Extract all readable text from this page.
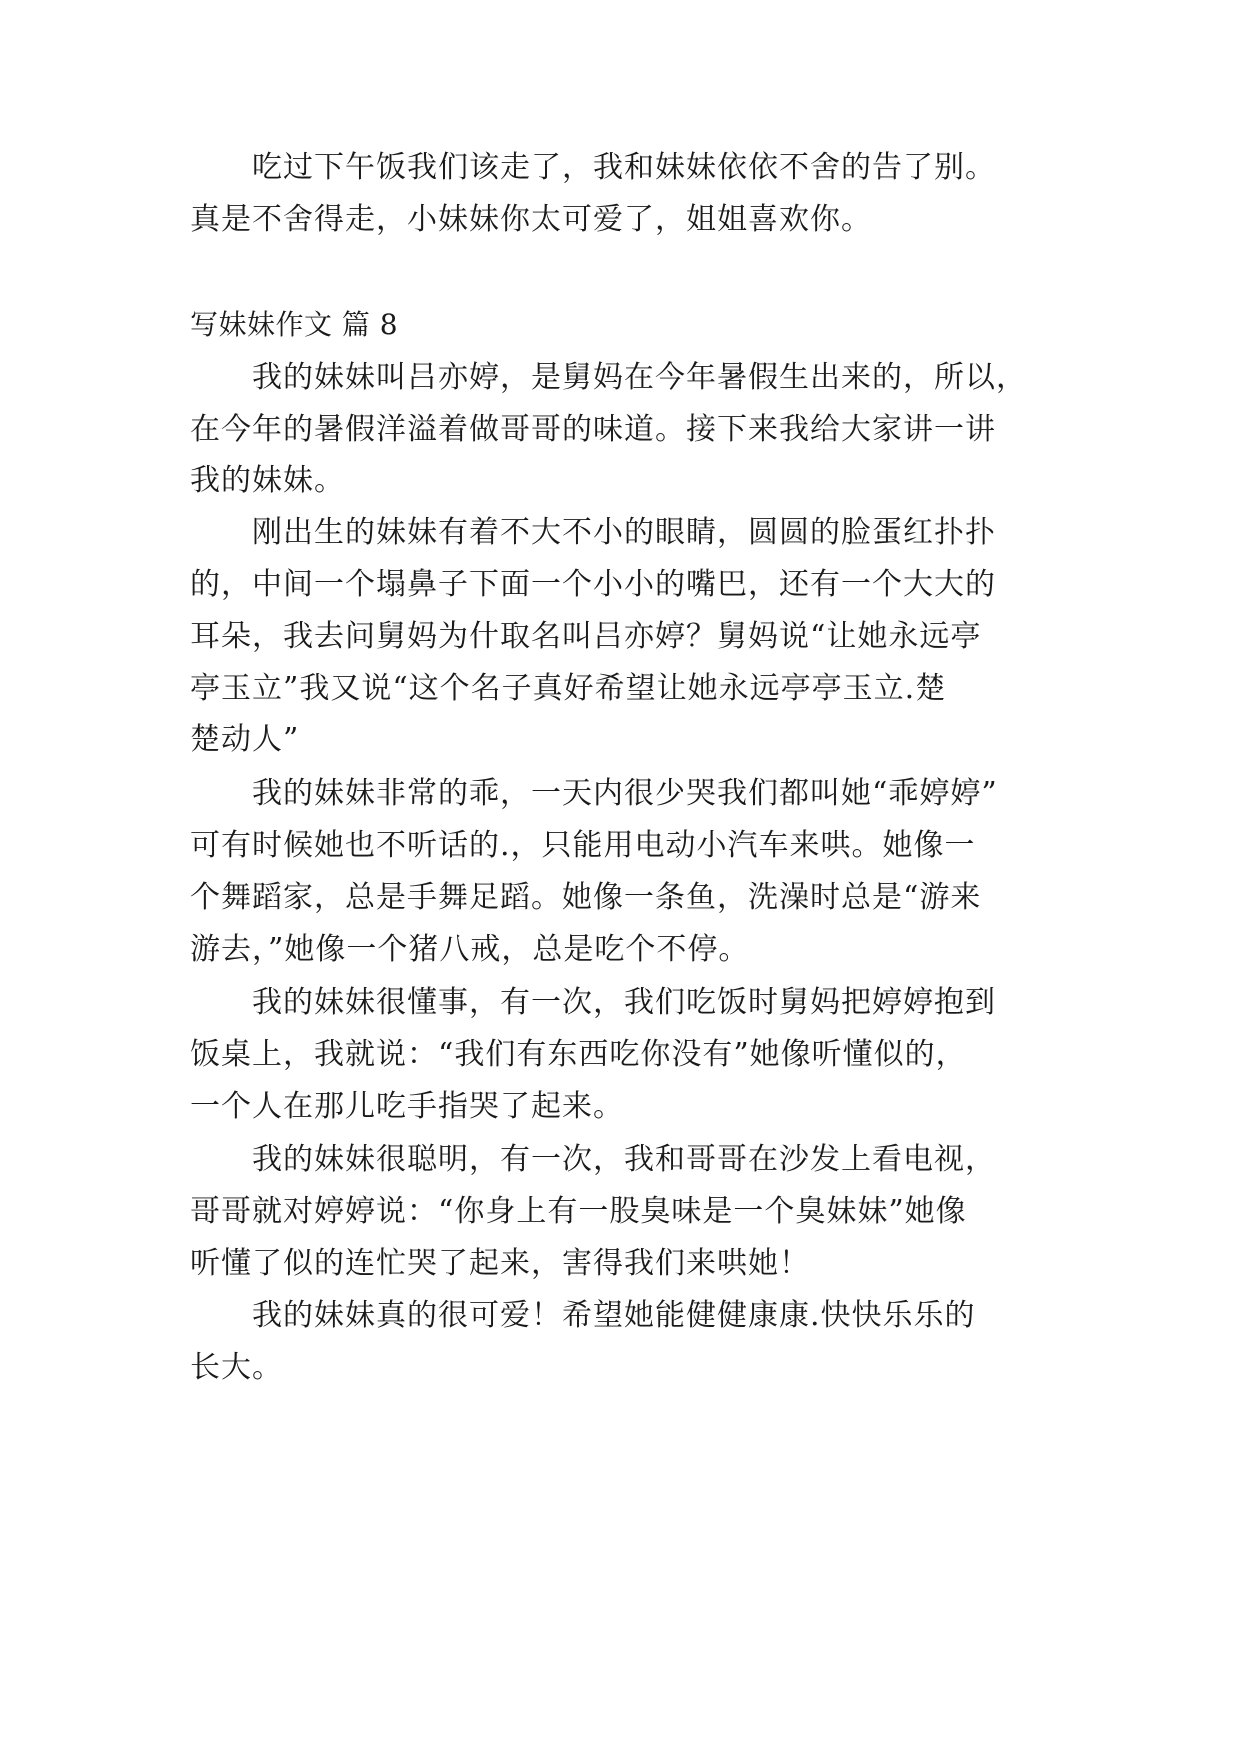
吃过下午饭我们该走了，我和妹妹依依不舍的告了别。
真是不舍得走，小妹妹你太可爱了，姐姐喜欢你。
写妹妹作文 篇 8
我的妹妹叫吕亦婷，是舅妈在今年暑假生出来的，所以，
在今年的暑假洋溢着做哥哥的味道。接下来我给大家讲一讲
我的妹妹。
刚出生的妹妹有着不大不小的眼睛，圆圆的脸蛋红扑扑
的，中间一个塌鼻子下面一个小小的嘴巴，还有一个大大的
耳朵，我去问舅妈为什取名叫吕亦婷？舅妈说“让她永远亭
亭玉立”我又说“这个名子真好希望让她永远亭亭玉立.楚
楚动人”
我的妹妹非常的乖，一天内很少哭我们都叫她“乖婷婷”
可有时候她也不听话的.，只能用电动小汽车来哄。她像一
个舞蹈家，总是手舞足蹈。她像一条鱼，洗澡时总是“游来
游去，”她像一个猪八戒，总是吃个不停。
我的妹妹很懂事，有一次，我们吃饭时舅妈把婷婷抱到
饭桌上，我就说：“我们有东西吃你没有”她像听懂似的，
一个人在那儿吃手指哭了起来。
我的妹妹很聪明，有一次，我和哥哥在沙发上看电视，
哥哥就对婷婷说：“你身上有一股臭味是一个臭妹妹”她像
听懂了似的连忙哭了起来，害得我们来哄她！
我的妹妹真的很可爱！希望她能健健康康.快快乐乐的
长大。
